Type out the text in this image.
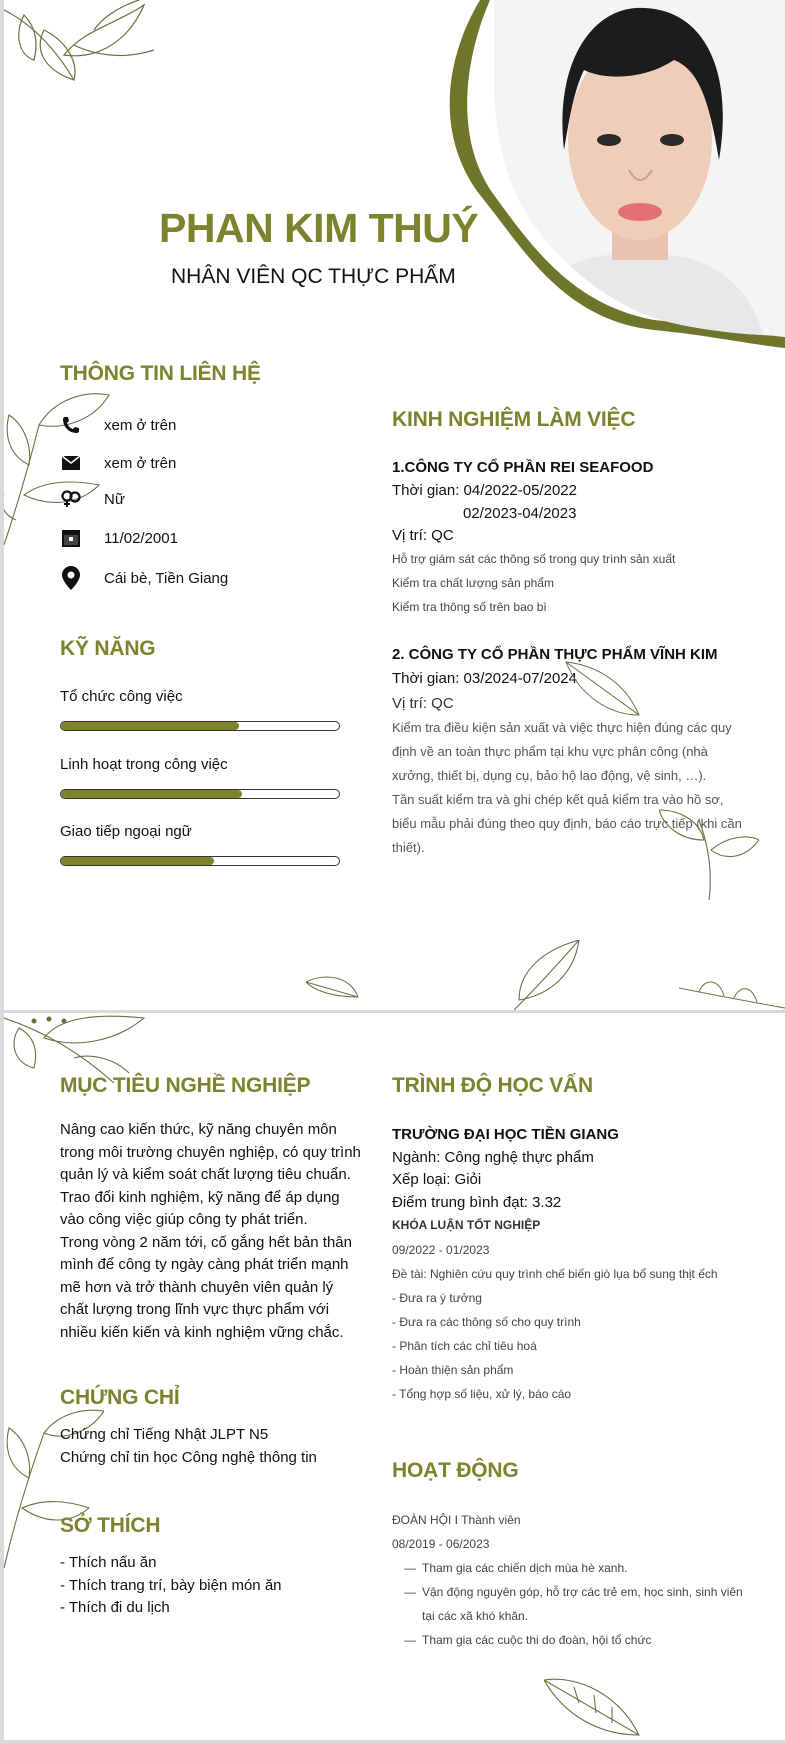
PHAN KIM THUÝ
NHÂN VIÊN QC THỰC PHẨM
THÔNG TIN LIÊN HỆ
xem ở trên
xem ở trên
Nữ
11/02/2001
Cái bè, Tiền Giang
KỸ NĂNG
Tổ chức công việc
Linh hoạt trong công việc
Giao tiếp ngoại ngữ
KINH NGHIỆM LÀM VIỆC
1.CÔNG TY CỔ PHẦN REI SEAFOOD
Thời gian: 04/2022-05/2022
02/2023-04/2023
Vị trí: QC
Hỗ trợ giám sát các thông số trong quy trình sản xuất
Kiểm tra chất lượng sản phẩm
Kiểm tra thông số trên bao bì
2. CÔNG TY CỔ PHẦN THỰC PHẨM VĨNH KIM
Thời gian: 03/2024-07/2024
Vị trí: QC
Kiểm tra điều kiện sản xuất và việc thực hiện đúng các quy
định về an toàn thực phẩm tại khu vực phân công (nhà
xưởng, thiết bị, dụng cụ, bảo hộ lao động, vệ sinh, …).
Tần suất kiểm tra và ghi chép kết quả kiểm tra vào hồ sơ,
biểu mẫu phải đúng theo quy định, báo cáo trực tiếp (khi cần
thiết).
MỤC TIÊU NGHỀ NGHIỆP
Nâng cao kiến thức, kỹ năng chuyên môn
trong môi trường chuyên nghiệp, có quy trình
quản lý và kiểm soát chất lượng tiêu chuẩn.
Trao đổi kinh nghiệm, kỹ năng để áp dụng
vào công việc giúp công ty phát triển.
Trong vòng 2 năm tới, cố gắng hết bản thân
mình để công ty ngày càng phát triển mạnh
mẽ hơn và trở thành chuyên viên quản lý
chất lượng trong lĩnh vực thực phẩm với
nhiều kiến kiến và kinh nghiệm vững chắc.
CHỨNG CHỈ
Chứng chỉ Tiếng Nhật JLPT N5
Chứng chỉ tin học Công nghệ thông tin
SỞ THÍCH
- Thích nấu ăn
- Thích trang trí, bày biện món ăn
- Thích đi du lịch
TRÌNH ĐỘ HỌC VẤN
TRƯỜNG ĐẠI HỌC TIỀN GIANG
Ngành: Công nghệ thực phẩm
Xếp loại: Giỏi
Điểm trung bình đạt: 3.32
KHÓA LUẬN TỐT NGHIỆP
09/2022 - 01/2023
Đề tài: Nghiên cứu quy trình chế biến giò lụa bổ sung thịt ếch
- Đưa ra ý tưởng
- Đưa ra các thông số cho quy trình
- Phân tích các chỉ tiêu hoá
- Hoàn thiện sản phẩm
- Tổng hợp số liệu, xử lý, báo cáo
HOẠT ĐỘNG
ĐOÀN HỘI I Thành viên
08/2019 - 06/2023
— Tham gia các chiến dịch mùa hè xanh.
— Vận động nguyên góp, hỗ trợ các trẻ em, học sinh, sinh viên
tại các xã khó khăn.
— Tham gia các cuộc thi do đoàn, hội tổ chức
